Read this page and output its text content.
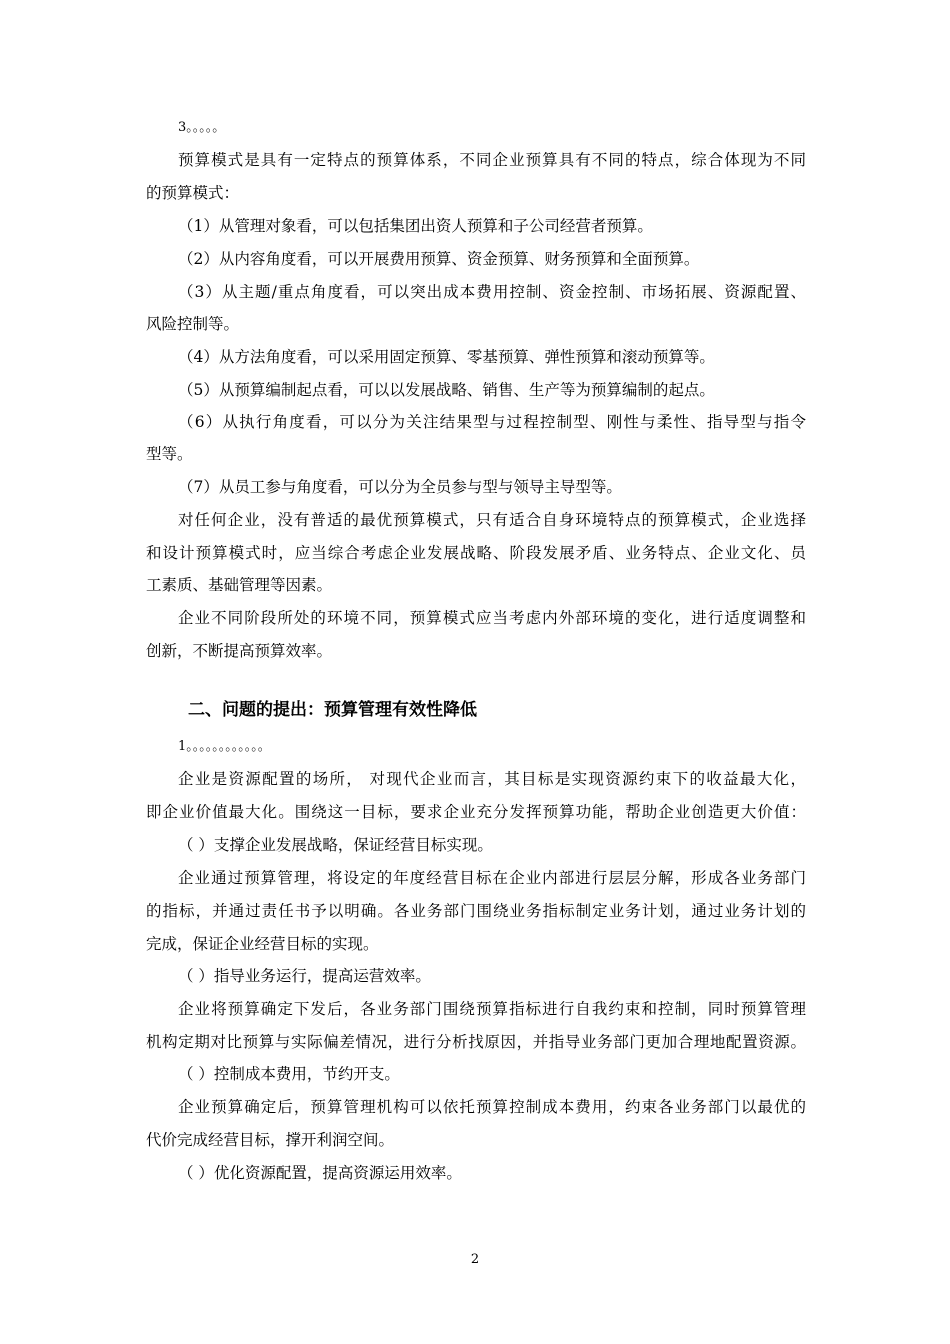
3。。。。。
预算模式是具有一定特点的预算体系，不同企业预算具有不同的特点，综合体现为不同
的预算模式：
（1）从管理对象看，可以包括集团出资人预算和子公司经营者预算。
（2）从内容角度看，可以开展费用预算、资金预算、财务预算和全面预算。
（3）从主题/重点角度看，可以突出成本费用控制、资金控制、市场拓展、资源配置、
风险控制等。
（4）从方法角度看，可以采用固定预算、零基预算、弹性预算和滚动预算等。
（5）从预算编制起点看，可以以发展战略、销售、生产等为预算编制的起点。
（6）从执行角度看，可以分为关注结果型与过程控制型、刚性与柔性、指导型与指令
型等。
（7）从员工参与角度看，可以分为全员参与型与领导主导型等。
对任何企业，没有普适的最优预算模式，只有适合自身环境特点的预算模式，企业选择
和设计预算模式时，应当综合考虑企业发展战略、阶段发展矛盾、业务特点、企业文化、员
工素质、基础管理等因素。
企业不同阶段所处的环境不同，预算模式应当考虑内外部环境的变化，进行适度调整和
创新，不断提高预算效率。
二、问题的提出：预算管理有效性降低
1。。。。。。。。。。。。
企业是资源配置的场所， 对现代企业而言，其目标是实现资源约束下的收益最大化，
即企业价值最大化。围绕这一目标，要求企业充分发挥预算功能，帮助企业创造更大价值：
（ ）支撑企业发展战略，保证经营目标实现。
企业通过预算管理，将设定的年度经营目标在企业内部进行层层分解，形成各业务部门
的指标，并通过责任书予以明确。各业务部门围绕业务指标制定业务计划，通过业务计划的
完成，保证企业经营目标的实现。
（ ）指导业务运行，提高运营效率。
企业将预算确定下发后，各业务部门围绕预算指标进行自我约束和控制，同时预算管理
机构定期对比预算与实际偏差情况，进行分析找原因，并指导业务部门更加合理地配置资源。
（ ）控制成本费用，节约开支。
企业预算确定后，预算管理机构可以依托预算控制成本费用，约束各业务部门以最优的
代价完成经营目标，撑开利润空间。
（ ）优化资源配置，提高资源运用效率。
2
